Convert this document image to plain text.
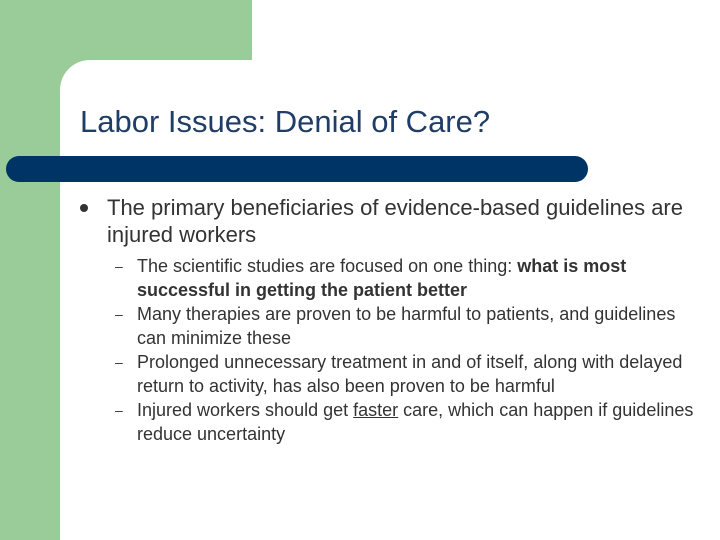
Labor Issues: Denial of Care?
The primary beneficiaries of evidence-based guidelines are injured workers
– The scientific studies are focused on one thing: what is most successful in getting the patient better
– Many therapies are proven to be harmful to patients, and guidelines can minimize these
– Prolonged unnecessary treatment in and of itself, along with delayed return to activity, has also been proven to be harmful
– Injured workers should get faster care, which can happen if guidelines reduce uncertainty
